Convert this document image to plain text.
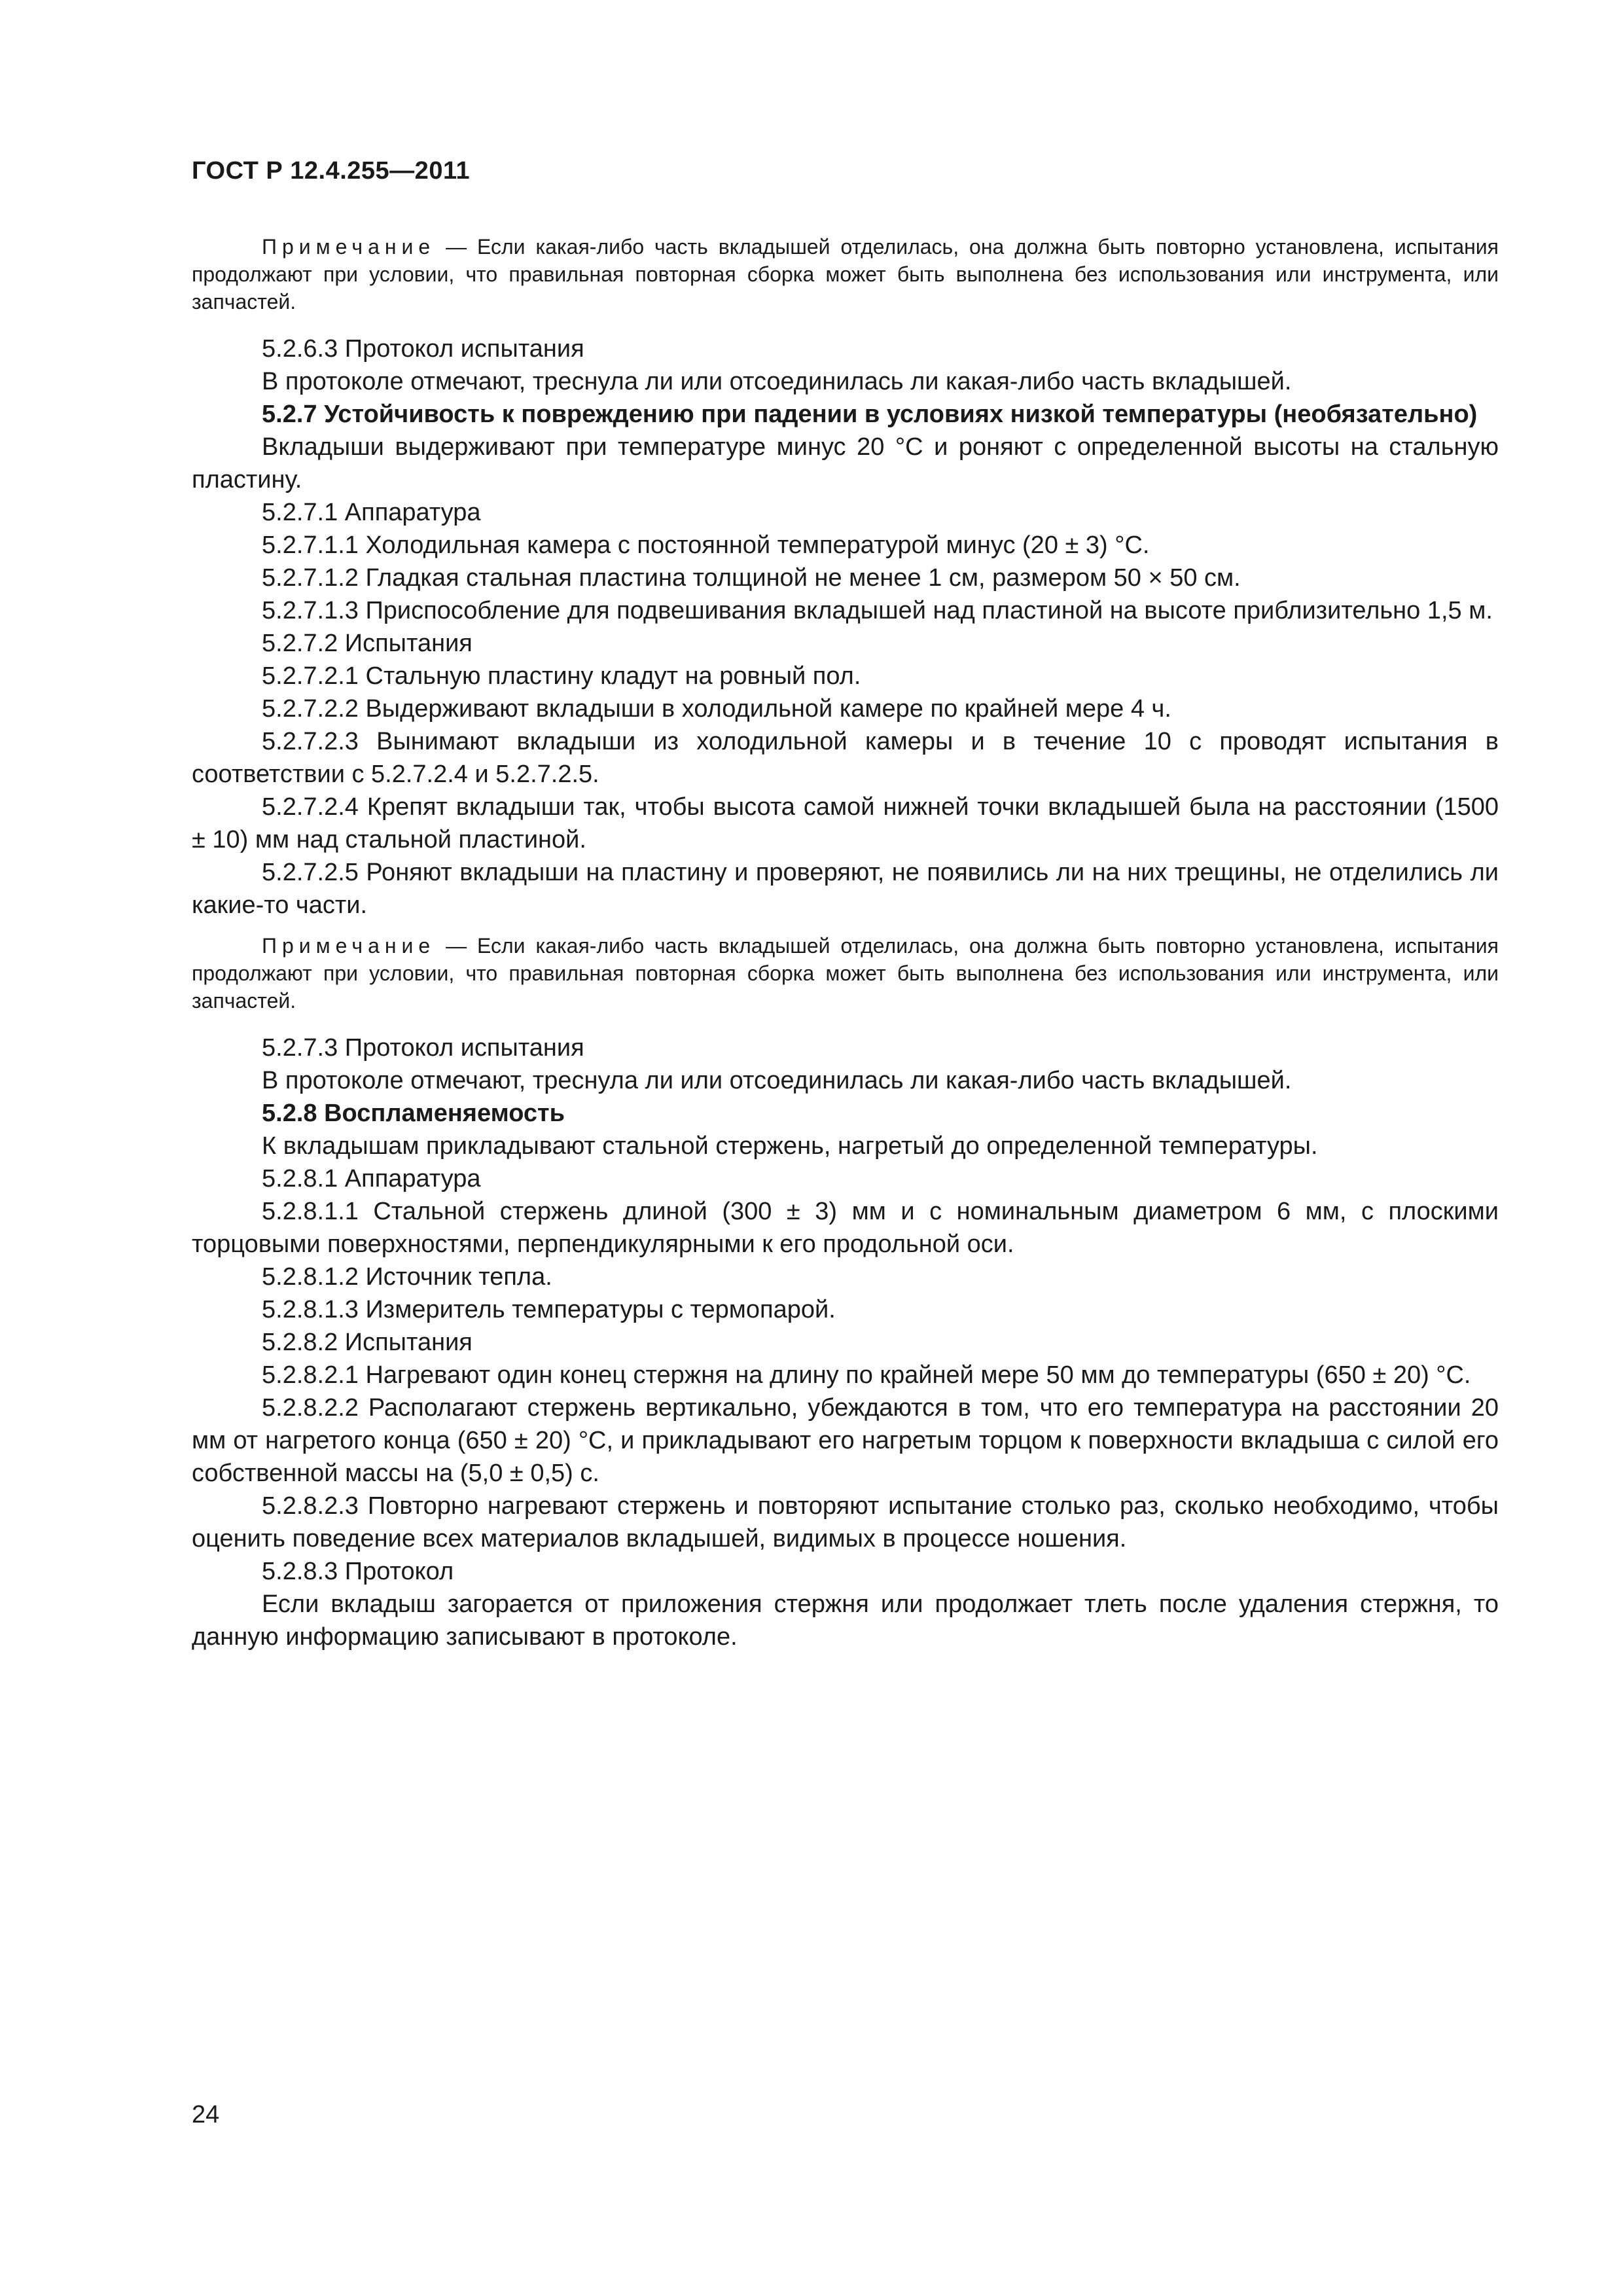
ГОСТ Р 12.4.255—2011

Примечание — Если какая-либо часть вкладышей отделилась, она должна быть повторно установлена, испытания продолжают при условии, что правильная повторная сборка может быть выполнена без использования или инструмента, или запчастей.

5.2.6.3 Протокол испытания

В протоколе отмечают, треснула ли или отсоединилась ли какая-либо часть вкладышей.

5.2.7 Устойчивость к повреждению при падении в условиях низкой температуры (необязательно)

Вкладыши выдерживают при температуре минус 20 °С и роняют с определенной высоты на стальную пластину.

5.2.7.1 Аппаратура

5.2.7.1.1 Холодильная камера с постоянной температурой минус (20 ± 3) °С.

5.2.7.1.2 Гладкая стальная пластина толщиной не менее 1 см, размером 50 × 50 см.

5.2.7.1.3 Приспособление для подвешивания вкладышей над пластиной на высоте приблизительно 1,5 м.

5.2.7.2 Испытания

5.2.7.2.1 Стальную пластину кладут на ровный пол.

5.2.7.2.2 Выдерживают вкладыши в холодильной камере по крайней мере 4 ч.

5.2.7.2.3 Вынимают вкладыши из холодильной камеры и в течение 10 с проводят испытания в соответствии с 5.2.7.2.4 и 5.2.7.2.5.

5.2.7.2.4 Крепят вкладыши так, чтобы высота самой нижней точки вкладышей была на расстоянии (1500 ± 10) мм над стальной пластиной.

5.2.7.2.5 Роняют вкладыши на пластину и проверяют, не появились ли на них трещины, не отделились ли какие-то части.

Примечание — Если какая-либо часть вкладышей отделилась, она должна быть повторно установлена, испытания продолжают при условии, что правильная повторная сборка может быть выполнена без использования или инструмента, или запчастей.

5.2.7.3 Протокол испытания

В протоколе отмечают, треснула ли или отсоединилась ли какая-либо часть вкладышей.

5.2.8 Воспламеняемость

К вкладышам прикладывают стальной стержень, нагретый до определенной температуры.

5.2.8.1 Аппаратура

5.2.8.1.1 Стальной стержень длиной (300 ± 3) мм и с номинальным диаметром 6 мм, с плоскими торцовыми поверхностями, перпендикулярными к его продольной оси.

5.2.8.1.2 Источник тепла.

5.2.8.1.3 Измеритель температуры с термопарой.

5.2.8.2 Испытания

5.2.8.2.1 Нагревают один конец стержня на длину по крайней мере 50 мм до температуры (650 ± 20) °С.

5.2.8.2.2 Располагают стержень вертикально, убеждаются в том, что его температура на расстоянии 20 мм от нагретого конца (650 ± 20) °С, и прикладывают его нагретым торцом к поверхности вкладыша с силой его собственной массы на (5,0 ± 0,5) с.

5.2.8.2.3 Повторно нагревают стержень и повторяют испытание столько раз, сколько необходимо, чтобы оценить поведение всех материалов вкладышей, видимых в процессе ношения.

5.2.8.3 Протокол

Если вкладыш загорается от приложения стержня или продолжает тлеть после удаления стержня, то данную информацию записывают в протоколе.

24
